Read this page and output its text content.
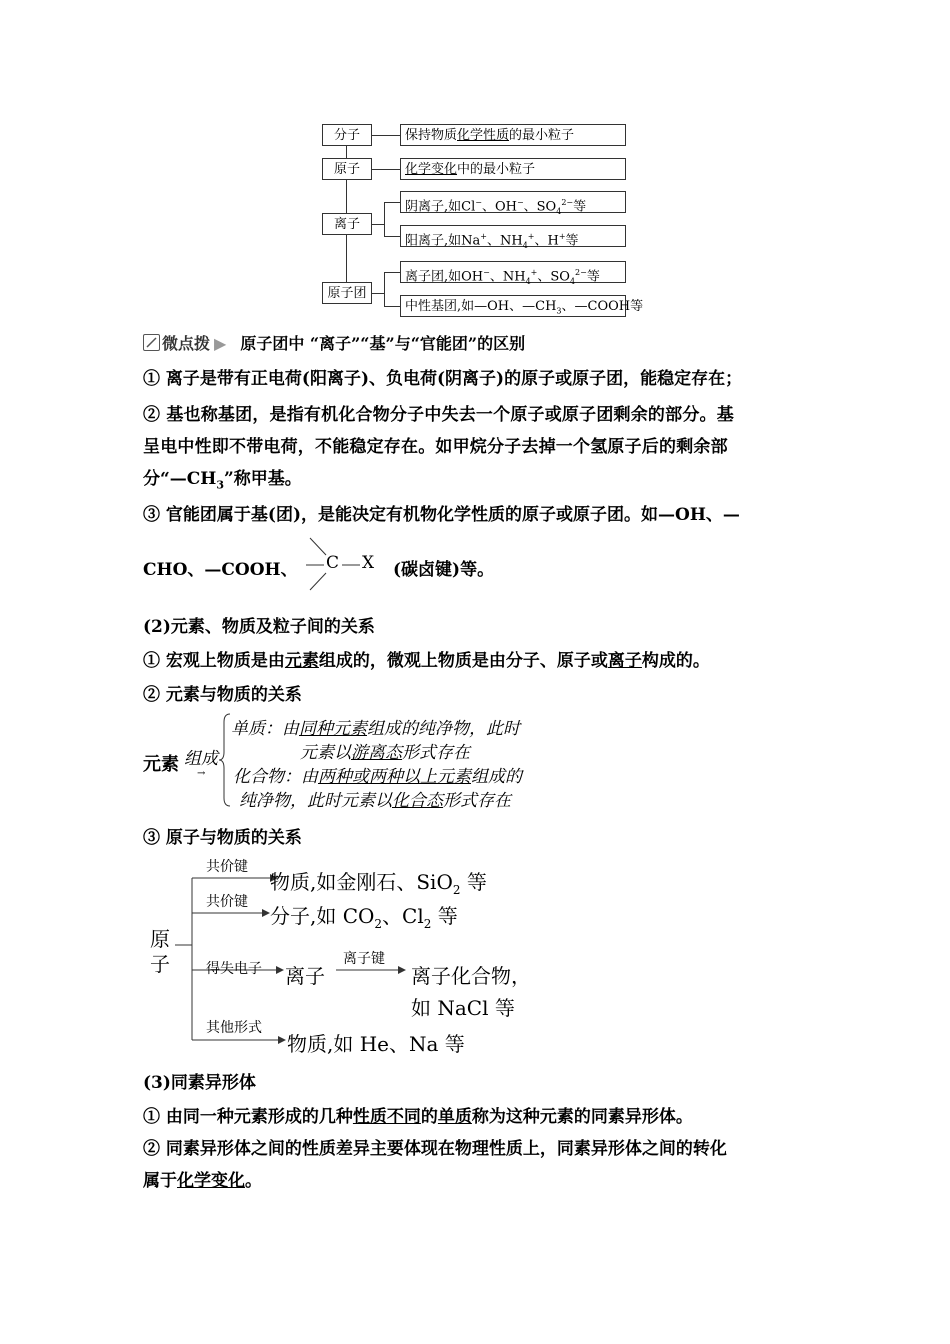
分子
原子
离子
原子团
保持物质化学性质的最小粒子
化学变化中的最小粒子
阴离子,如Cl−、OH−、$SO_4^{2-}$等
阳离子,如Na+、$NH_4^+$、H+等
离子团,如OH−、$NH_4^+$、$SO_4^{2-}$等
中性基团,如—OH、$—CH_3$、—COOH等
微点拨 ▶ 原子团中 “离子”“基”与“官能团”的区别
① 离子是带有正电荷(阳离子)、负电荷(阴离子)的原子或原子团，能稳定存在；
② 基也称基团，是指有机化合物分子中失去一个原子或原子团剩余的部分。基
呈电中性即不带电荷，不能稳定存在。如甲烷分子去掉一个氢原子后的剩余部
分“$—CH_3$”称甲基。
③ 官能团属于基(团)，是能决定有机物化学性质的原子或原子团。如—OH、—
CHO、—COOH、 C X (碳卤键)等。
(2)元素、物质及粒子间的关系
① 宏观上物质是由元素组成的，微观上物质是由分子、原子或离子构成的。
② 元素与物质的关系
元素 组成
→
单质：由同种元素组成的纯净物，此时
元素以游离态形式存在
化合物：由两种或两种以上元素组成的
纯净物，此时元素以化合态形式存在
③ 原子与物质的关系
原
子
共价键
物质,如金刚石、SiO$_2$ 等
共价键
分子,如 $CO_2$、$Cl_2$ 等
得失电子 离子
离子键
离子化合物，
如 NaCl 等
其他形式
物质,如 He、Na 等
(3)同素异形体
① 由同一种元素形成的几种性质不同的单质称为这种元素的同素异形体。
② 同素异形体之间的性质差异主要体现在物理性质上，同素异形体之间的转化
属于化学变化。
